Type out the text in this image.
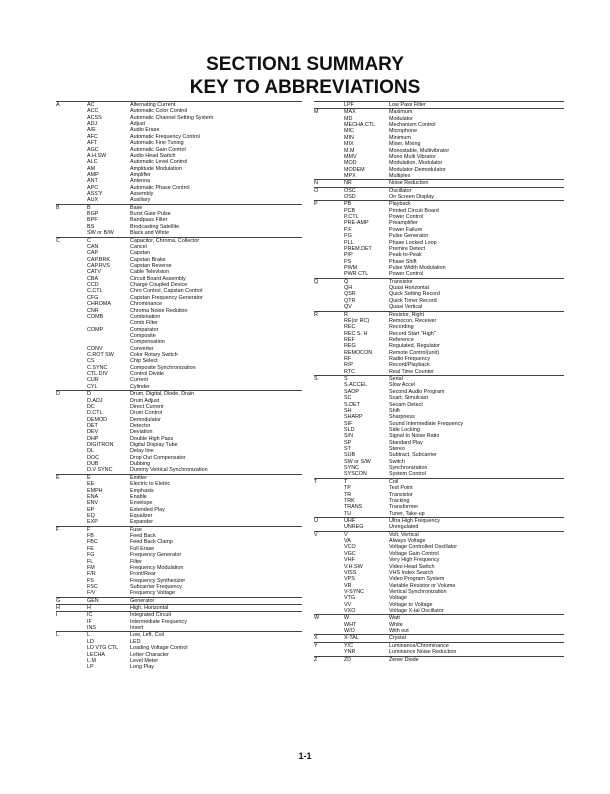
SECTION1 SUMMARY
KEY TO ABBREVIATIONS
A	AC	Alternating Current
ACC	Automatic Color Control
ACSS	Automatic Channel Setting System
ADJ	Adjust
A/E	Audio Erase
AFC	Automatic Frequency Control
AFT	Automatic Fine Tuning
AGC	Automatic Gain Control
A.H.SW	Audio Head Switch
ALC	Automatic Level Control
AM	Amplitude Modulation
AMP	Amplifier
ANT	Antenna
APC	Automatic Phase Control
ASS'Y	Assembly
AUX	Auxiliary
B	B	Base
BGP	Burst Gate Pulse
BPF	Bandpass Filter
BS	Brodcasting Satellite
SW or B/W	Black and White
C	C	Capacitor, Chroma, Collector
CAN	Cancel
CAP	Capstan
CAP.BRK	Capstan Brake
CAP.RVS	Capstan Reverse
CATV	Cable Television
CBA	Circuit Board Assembly
CCD	Charge Coupled Device
C.CTL	Chro Control, Capstan Control
CFG	Capstan Frequency Generator
CHROMA	Chrominance
CNR	Chroma Noise Redution
COMB	Combination
Comb Filter
COMP	Comparator
Composite
Compensation
CONV	Converter
C.ROT SW	Color Rotary Switch
CS	Chip Select
C.SYNC	Composite Synchronization
CTL.DIV	Control Divide
CUR	Current
CYL	Cylinder
D	D	Drum, Digital, Diode, Drain
D.ADJ	Drum Adjust
DC	Direct Current
D.CTL	Drum Control
DEMOD	Demodulator
DET	Detector
DEV	Deviation
DHP	Double High Pass
DIGITRON	Digital Display Tube
DL	Delay line
DOC	Drop Out Compensator
DUB	Dubbing
D.V SYNC	Dummy Vertical Synchronization
E	E	Emitter
EE	Electric to Eletric
EMPH	Emphasis
ENA	Enable
ENV	Envelope
EP	Extended Play
EQ	Equalizer
EXP	Expander
F	F	Fuse
FB	Feed Back
FBC	Feed Back Clamp
FE	Full Erase
FG	Frequency Generator
FL	Filter
FM	Frequency Modulation
F/R	Front/Rear
FS	Frequency Synthesizer
FSC	Subcarrier Frequency
F/V	Frequency Voltage
G	GEN	Generator
H	H	High, Horizontal
I	IC	Integrated Circuit
IF	Intermediate Frequency
INS	Insert
L	L	Low, Left, Coil
LD	LED
LD VTG CTL	Loading Voltage Control
LECHA	Letter Character
L.M	Level Meter
LP	Long Play
LPF	Low Pass Filter
M	MAX	Maximum
MD	Modulator
MECHA.CTL	Mechanism Control
MIC	Microphone
MIN	Minimum
MIX	Mixer, Mixing
M.M	Monostable, Multivibrator
MMV	Mono Multi Vibrator
MOD	Modulation, Modulator
MODEM	Modulator-Demodulator
MPX	Multiplex
N	NR	Noise Reduction
O	OSC	Oscillator
OSD	On Screen Display
P	PB	Playback
PCB	Printed Circuit Board
P.CTL	Power Control
PRE-AMP	Preamplifier
P.F	Power Failure
PG	Pulse Generator
PLL	Phase Locked Loop
PREM.DET	Premire Detect
P/P	Peak-to-Peak
PS	Phase Shift
PWM	Pulse Width Modulation
PWR CTL	Power Control
Q	Q	Transistor
QH	Quasi Horizontal
QSR	Quick Setting Record
QTR	Quick Timer Record
QV	Quasi Vertical
R	R	Resistor, Right
RE(or RC)	Remocon, Receiver
REC	Recording
REC S. H	Record Start "High"
REF	Reference
REG	Regulated, Regulator
REMOCON	Remote Control(unit)
RF	Radio Frequency
R/P	Record/Playback
RTC	Real Time Counter
S	S	Serial
S.ACCEL	Slow Accel
SAOP	Second Audio Program
SC	Scart, Simulcast
S.DET	Secam Detect
SH	Shift
SHARP	Sharpness
SIF	Sound Intermediate Frequency
SLD	Side Locking
S/N	Signal to Noise Ratio
SP	Standard Play
ST	Stereo
SUB	Subtract, Subcarrier
SW or S/W	Switch
SYNC	Synchronization
SYSCON	System Control
T	T	Coil
TP	Test Point
TR	Transistor
TRK	Tracking
TRANS	Transformer
TU	Tuner, Take-up
U	UHF	Ultra High Frequency
UNREG	Unregulated
V	V	Volt, Vertical
VA	Always Voltage
VCO	Voltage Controlled Oscillator
VGC	Voltage Gain Control
VHF	Very High Frequency
V.H.SW	Video Head Switch
VISS	VHS Index Search
VPS	Video Program System
VR	Variable Resistor or Volume
V-SYNC	Vertical Synchronization
VTG	Voltage
VV	Voltage to Voltage
VXO	Voltage X-tal Oscillator
W	W	Watt
WHT	White
W/O	With out
X	X-TAL	Crystal
Y	Y/C	Luminance/Chrominance
YNR	Luminance Noise Reduction
Z	ZD	Zener Diode
1-1
